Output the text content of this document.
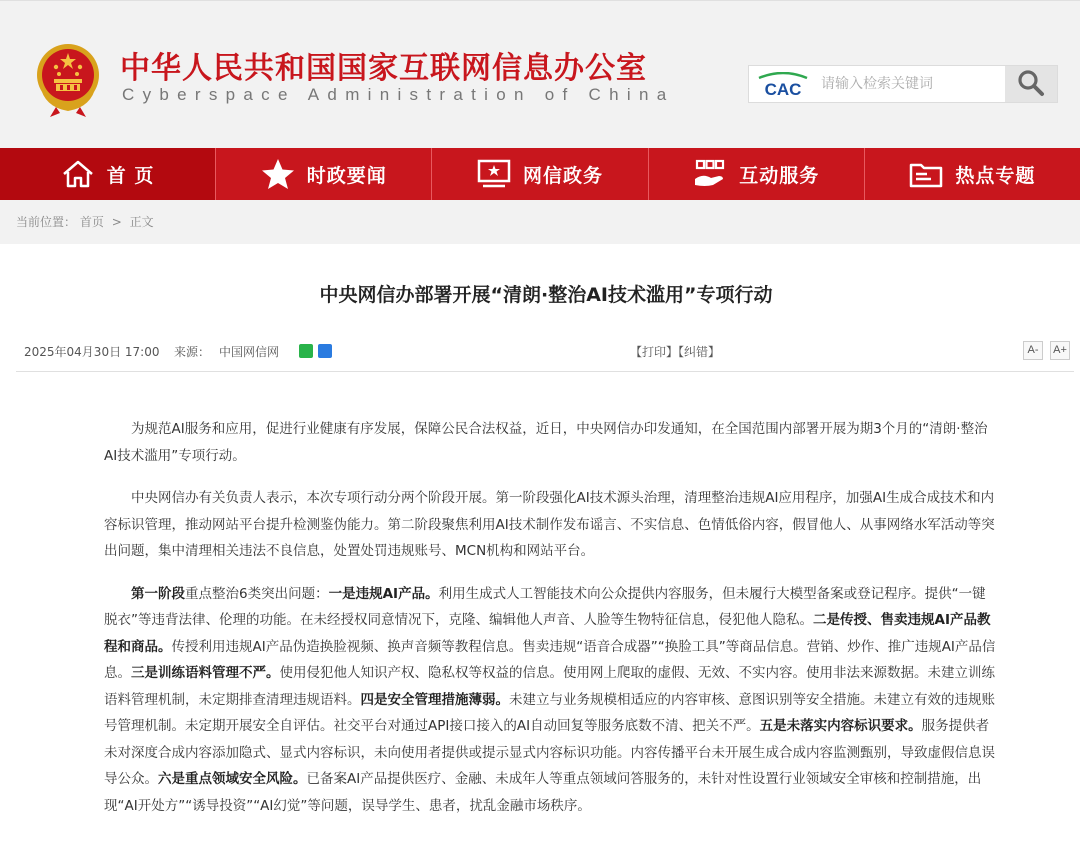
中华人民共和国国家互联网信息办公室
Cyberspace Administration of China	CAC
请输入检索关键词
首 页	时政要闻	网信政务	互动服务	热点专题
当前位置： 首页 > 正文
中央网信办部署开展“清朗·整治AI技术滥用”专项行动
2025年04月30日 17:00 来源： 中国网信网	【打印】【纠错】	A-	A+

为规范AI服务和应用，促进行业健康有序发展，保障公民合法权益，近日，中央网信办印发通知，在全国范围内部署开展为期3个月的“清朗·整治AI技术滥用”专项行动。

中央网信办有关负责人表示，本次专项行动分两个阶段开展。第一阶段强化AI技术源头治理，清理整治违规AI应用程序，加强AI生成合成技术和内容标识管理，推动网站平台提升检测鉴伪能力。第二阶段聚焦利用AI技术制作发布谣言、不实信息、色情低俗内容，假冒他人、从事网络水军活动等突出问题，集中清理相关违法不良信息，处置处罚违规账号、MCN机构和网站平台。

第一阶段重点整治6类突出问题：一是违规AI产品。利用生成式人工智能技术向公众提供内容服务，但未履行大模型备案或登记程序。提供“一键脱衣”等违背法律、伦理的功能。在未经授权同意情况下，克隆、编辑他人声音、人脸等生物特征信息，侵犯他人隐私。二是传授、售卖违规AI产品教程和商品。传授利用违规AI产品伪造换脸视频、换声音频等教程信息。售卖违规“语音合成器”“换脸工具”等商品信息。营销、炒作、推广违规AI产品信息。三是训练语料管理不严。使用侵犯他人知识产权、隐私权等权益的信息。使用网上爬取的虚假、无效、不实内容。使用非法来源数据。未建立训练语料管理机制，未定期排查清理违规语料。四是安全管理措施薄弱。未建立与业务规模相适应的内容审核、意图识别等安全措施。未建立有效的违规账号管理机制。未定期开展安全自评估。社交平台对通过API接口接入的AI自动回复等服务底数不清、把关不严。五是未落实内容标识要求。服务提供者未对深度合成内容添加隐式、显式内容标识，未向使用者提供或提示显式内容标识功能。内容传播平台未开展生成合成内容监测甄别，导致虚假信息误导公众。六是重点领域安全风险。已备案AI产品提供医疗、金融、未成年人等重点领域问答服务的，未针对性设置行业领域安全审核和控制措施，出现“AI开处方”“诱导投资”“AI幻觉”等问题，误导学生、患者，扰乱金融市场秩序。
